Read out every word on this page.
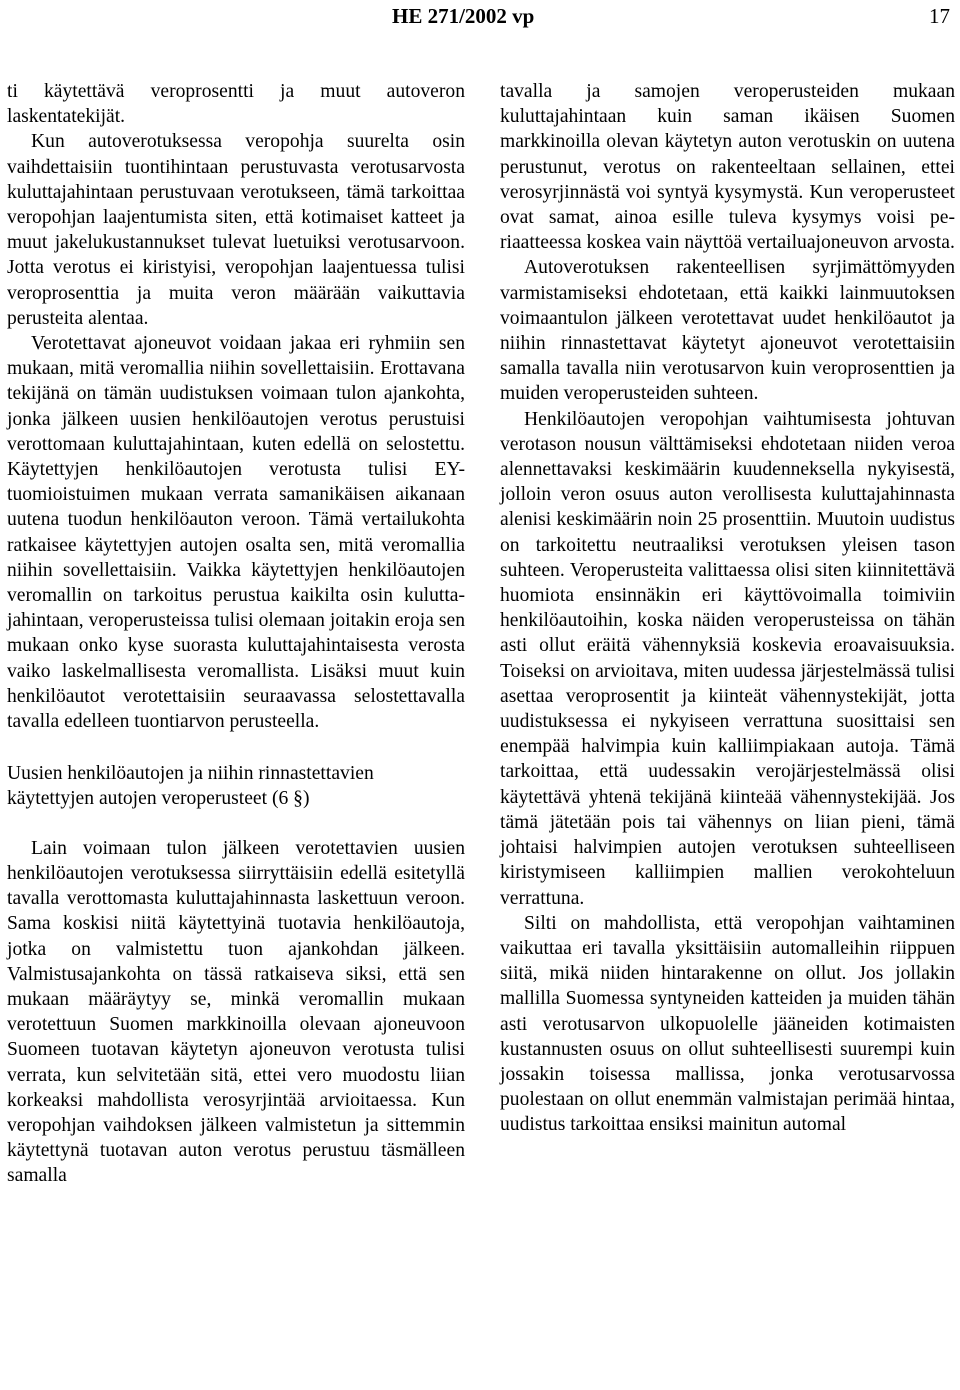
HE 271/2002 vp	17

ti käytettävä veroprosentti ja muut autoveron laskentatekijät.

Kun autoverotuksessa veropohja suurelta osin vaihdettaisiin tuontihintaan perustuvasta verotusarvosta kuluttajahintaan perustuvaan verotukseen, tämä tarkoittaa veropohjan laajentumista siten, että kotimaiset katteet ja muut jakelukustannukset tulevat luetuiksi verotusarvoon. Jotta verotus ei kiristyisi, veropohjan laajentuessa tulisi veroprosenttia ja muita veron määrään vaikuttavia perusteita alentaa.

Verotettavat ajoneuvot voidaan jakaa eri ryhmiin sen mukaan, mitä veromallia niihin sovellettaisiin. Erottavana tekijänä on tämän uudistuksen voimaan tulon ajankohta, jonka jälkeen uusien henkilöautojen verotus perustuisi verottomaan kuluttajahintaan, kuten edellä on selostettu. Käytettyjen henkilöautojen verotusta tulisi EY-tuomioistuimen mukaan verrata samanikäisen aikanaan uutena tuodun henkilöauton veroon. Tämä vertailukohta ratkaisee käytettyjen autojen osalta sen, mitä veromallia niihin sovellettaisiin. Vaikka käytettyjen henkilöautojen veromallin on tarkoitus perustua kaikilta osin kuluttajahintaan, veroperusteissa tulisi olemaan joitakin eroja sen mukaan onko kyse suorasta kuluttajahintaisesta verosta vaiko laskelmallisesta veromallista. Lisäksi muut kuin henkilöautot verotettaisiin seuraavassa selostettavalla tavalla edelleen tuontiarvon perusteella.

Uusien henkilöautojen ja niihin rinnastettavien käytettyjen autojen veroperusteet (6 §)

Lain voimaan tulon jälkeen verotettavien uusien henkilöautojen verotuksessa siirryttäisiin edellä esitetyllä tavalla verottomasta kuluttajahinnasta laskettuun veroon. Sama koskisi niitä käytettyinä tuotavia henkilöautoja, jotka on valmistettu tuon ajankohdan jälkeen. Valmistusajankohta on tässä ratkaiseva siksi, että sen mukaan määräytyy se, minkä veromallin mukaan verotettuun Suomen markkinoilla olevaan ajoneuvoon Suomeen tuotavan käytetyn ajoneuvon verotusta tulisi verrata, kun selvitetään sitä, ettei vero muodostu liian korkeaksi mahdollista verosyrjintää arvioitaessa. Kun veropohjan vaihdoksen jälkeen valmistetun ja sittemmin käytettynä tuotavan auton verotus perustuu täsmälleen samalla

tavalla ja samojen veroperusteiden mukaan kuluttajahintaan kuin saman ikäisen Suomen markkinoilla olevan käytetyn auton verotuskin on uutena perustunut, verotus on rakenteeltaan sellainen, ettei verosyrjinnästä voi syntyä kysymystä. Kun veroperusteet ovat samat, ainoa esille tuleva kysymys voisi periaatteessa koskea vain näyttöä vertailuajoneuvon arvosta.

Autoverotuksen rakenteellisen syrjimättömyyden varmistamiseksi ehdotetaan, että kaikki lainmuutoksen voimaantulon jälkeen verotettavat uudet henkilöautot ja niihin rinnastettavat käytetyt ajoneuvot verotettaisiin samalla tavalla niin verotusarvon kuin veroprosenttien ja muiden veroperusteiden suhteen.

Henkilöautojen veropohjan vaihtumisesta johtuvan verotason nousun välttämiseksi ehdotetaan niiden veroa alennettavaksi keskimäärin kuudenneksella nykyisestä, jolloin veron osuus auton verollisesta kuluttajahinnasta alenisi keskimäärin noin 25 prosenttiin. Muutoin uudistus on tarkoitettu neutraaliksi verotuksen yleisen tason suhteen. Veroperusteita valittaessa olisi siten kiinnitettävä huomiota ensinnäkin eri käyttövoimalla toimiviin henkilöautoihin, koska näiden veroperusteissa on tähän asti ollut eräitä vähennyksiä koskevia eroavaisuuksia. Toiseksi on arvioitava, miten uudessa järjestelmässä tulisi asettaa veroprosentit ja kiinteät vähennystekijät, jotta uudistuksessa ei nykyiseen verrattuna suosittaisi sen enempää halvimpia kuin kalliimpiakaan autoja. Tämä tarkoittaa, että uudessakin verojärjestelmässä olisi käytettävä yhtenä tekijänä kiinteää vähennystekijää. Jos tämä jätetään pois tai vähennys on liian pieni, tämä johtaisi halvimpien autojen verotuksen suhteelliseen kiristymiseen kalliimpien mallien verokohteluun verrattuna.

Silti on mahdollista, että veropohjan vaihtaminen vaikuttaa eri tavalla yksittäisiin automalleihin riippuen siitä, mikä niiden hintarakenne on ollut. Jos jollakin mallilla Suomessa syntyneiden katteiden ja muiden tähän asti verotusarvon ulkopuolelle jääneiden kotimaisten kustannusten osuus on ollut suhteellisesti suurempi kuin jossakin toisessa mallissa, jonka verotusarvossa puolestaan on ollut enemmän valmistajan perimää hintaa, uudistus tarkoittaa ensiksi mainitun automal
